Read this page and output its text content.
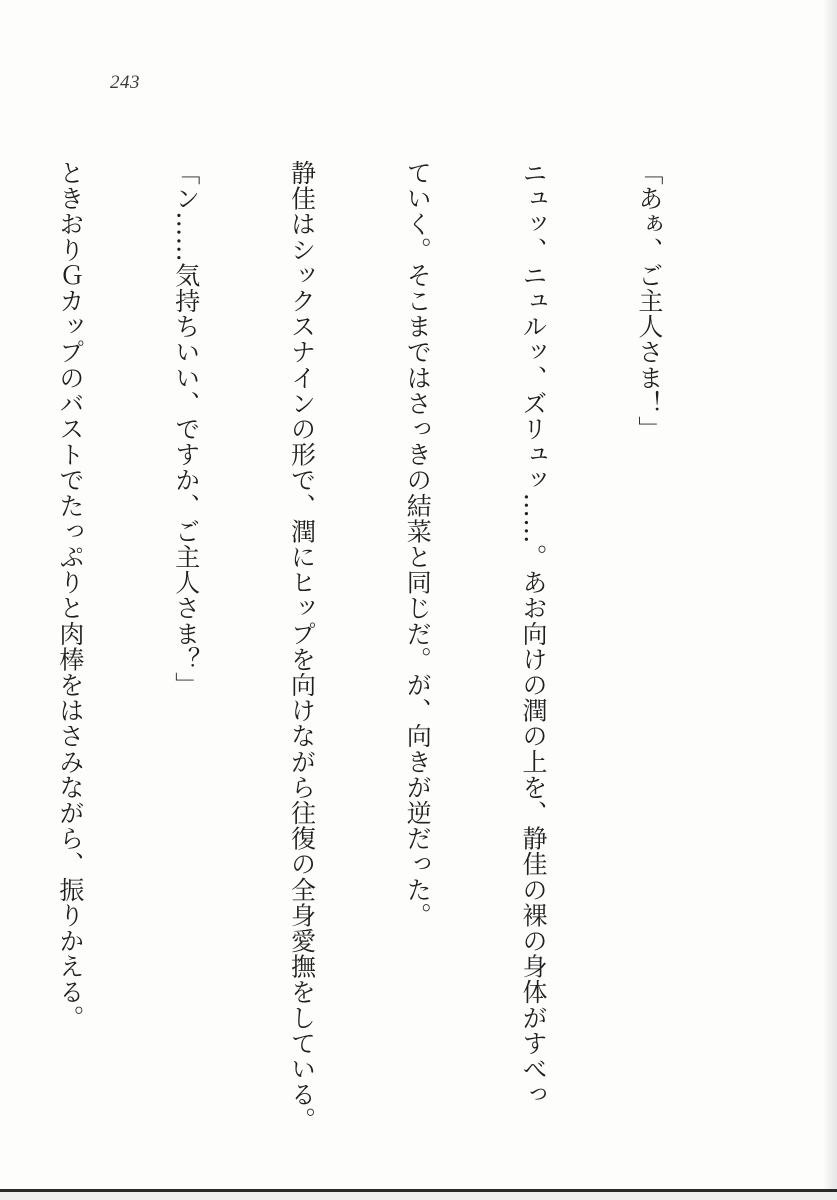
243

「あぁ、ご主人さま！」

ニュッ、ニュルッ、ズリュッ……。あお向けの潤の上を、静佳の裸の身体がすべっ

ていく。そこまではさっきの結菜と同じだ。が、向きが逆だった。

静佳はシックスナインの形で、潤にヒップを向けながら往復の全身愛撫をしている。

「ン……気持ちいい、ですか、ご主人さま？」

ときおりＧカップのバストでたっぷりと肉棒をはさみながら、振りかえる。
